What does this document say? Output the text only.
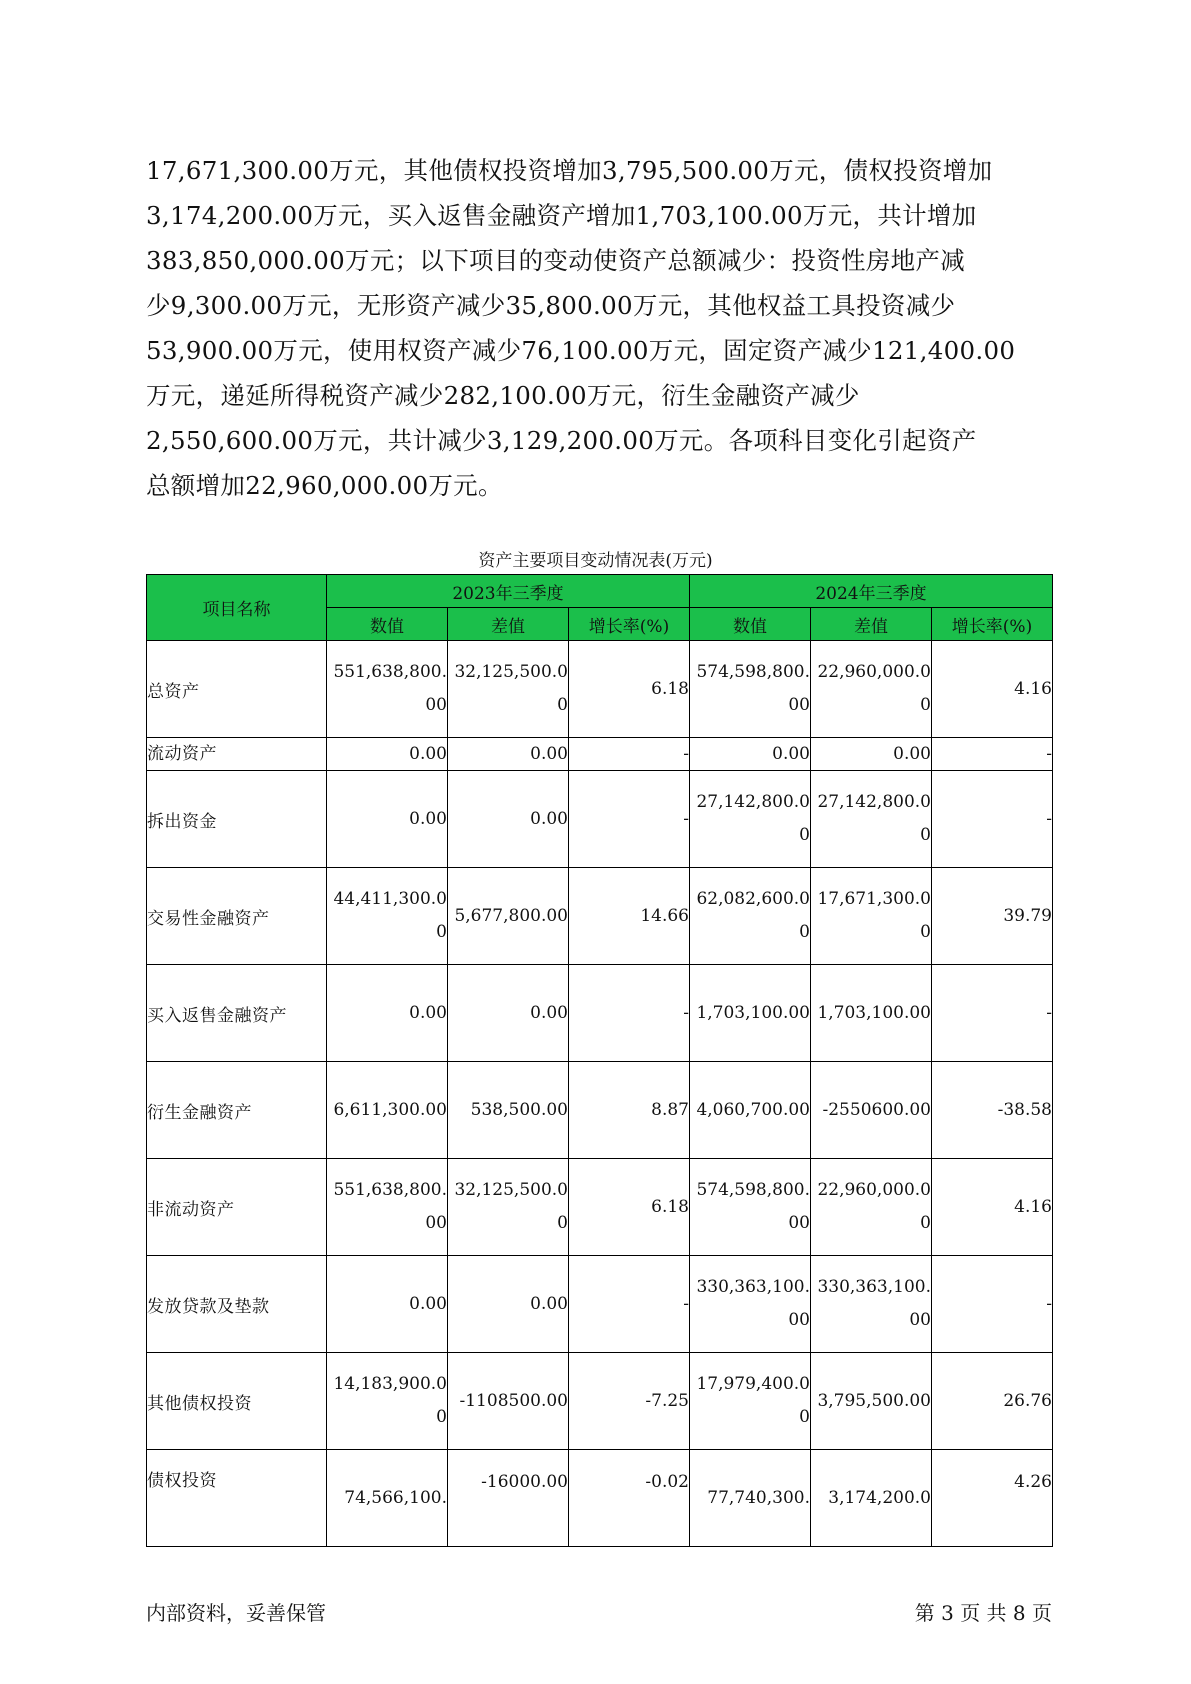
17,671,300.00万元，其他债权投资增加3,795,500.00万元，债权投资增加
3,174,200.00万元，买入返售金融资产增加1,703,100.00万元，共计增加
383,850,000.00万元；以下项目的变动使资产总额减少：投资性房地产减
少9,300.00万元，无形资产减少35,800.00万元，其他权益工具投资减少
53,900.00万元，使用权资产减少76,100.00万元，固定资产减少121,400.00
万元，递延所得税资产减少282,100.00万元，衍生金融资产减少
2,550,600.00万元，共计减少3,129,200.00万元。各项科目变化引起资产
总额增加22,960,000.00万元。

资产主要项目变动情况表(万元)
项目名称	2023年三季度			2024年三季度		
	数值	差值	增长率(%)	数值	差值	增长率(%)
总资产	551,638,800.00	32,125,500.00	6.18	574,598,800.00	22,960,000.00	4.16
流动资产	0.00	0.00	-	0.00	0.00	-
拆出资金	0.00	0.00	-	27,142,800.00	27,142,800.00	-
交易性金融资产	44,411,300.00	5,677,800.00	14.66	62,082,600.00	17,671,300.00	39.79
买入返售金融资产	0.00	0.00	-	1,703,100.00	1,703,100.00	-
衍生金融资产	6,611,300.00	538,500.00	8.87	4,060,700.00	-2550600.00	-38.58
非流动资产	551,638,800.00	32,125,500.00	6.18	574,598,800.00	22,960,000.00	4.16
发放贷款及垫款	0.00	0.00	-	330,363,100.00	330,363,100.00	-
其他债权投资	14,183,900.00	-1108500.00	-7.25	17,979,400.00	3,795,500.00	26.76
债权投资	74,566,100.	-16000.00	-0.02	77,740,300.	3,174,200.0	4.26
内部资料，妥善保管	第 3 页 共 8 页
